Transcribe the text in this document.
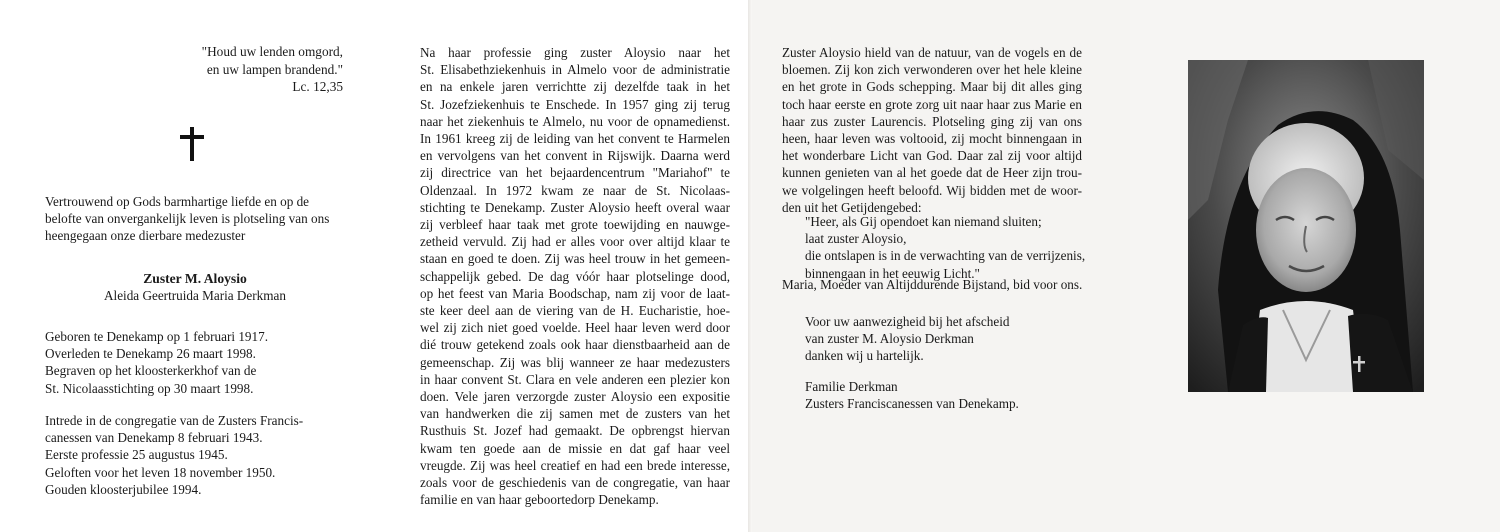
"Houd uw lenden omgord,
en uw lampen brandend."
Lc. 12,35
Vertrouwend op Gods barmhartige liefde en op de
belofte van onvergankelijk leven is plotseling van ons
heengegaan onze dierbare medezuster
Zuster M. Aloysio
Aleida Geertruida Maria Derkman
Geboren te Denekamp op 1 februari 1917.
Overleden te Denekamp 26 maart 1998.
Begraven op het kloosterkerkhof van de
St. Nicolaasstichting op 30 maart 1998.
Intrede in de congregatie van de Zusters Francis-
canessen van Denekamp 8 februari 1943.
Eerste professie 25 augustus 1945.
Geloften voor het leven 18 november 1950.
Gouden kloosterjubilee 1994.
Na haar professie ging zuster Aloysio naar het
St. Elisabethziekenhuis in Almelo voor de administratie
en na enkele jaren verrichtte zij dezelfde taak in het
St. Jozefziekenhuis te Enschede. In 1957 ging zij terug
naar het ziekenhuis te Almelo, nu voor de opnamedienst.
In 1961 kreeg zij de leiding van het convent te Harmelen
en vervolgens van het convent in Rijswijk. Daarna werd
zij directrice van het bejaardencentrum "Mariahof" te
Oldenzaal. In 1972 kwam ze naar de St. Nicolaas-
stichting te Denekamp. Zuster Aloysio heeft overal waar
zij verbleef haar taak met grote toewijding en nauwge-
zetheid vervuld. Zij had er alles voor over altijd klaar te
staan en goed te doen. Zij was heel trouw in het gemeen-
schappelijk gebed. De dag vóór haar plotselinge dood,
op het feest van Maria Boodschap, nam zij voor de laat-
ste keer deel aan de viering van de H. Eucharistie, hoe-
wel zij zich niet goed voelde. Heel haar leven werd door
dié trouw getekend zoals ook haar dienstbaarheid aan de
gemeenschap. Zij was blij wanneer ze haar medezusters
in haar convent St. Clara en vele anderen een plezier kon
doen. Vele jaren verzorgde zuster Aloysio een expositie
van handwerken die zij samen met de zusters van het
Rusthuis St. Jozef had gemaakt. De opbrengst hiervan
kwam ten goede aan de missie en dat gaf haar veel
vreugde. Zij was heel creatief en had een brede interesse,
zoals voor de geschiedenis van de congregatie, van haar
familie en van haar geboortedorp Denekamp.
Zuster Aloysio hield van de natuur, van de vogels en de
bloemen. Zij kon zich verwonderen over het hele kleine
en het grote in Gods schepping. Maar bij dit alles ging
toch haar eerste en grote zorg uit naar haar zus Marie en
haar zus zuster Laurencis. Plotseling ging zij van ons
heen, haar leven was voltooid, zij mocht binnengaan in
het wonderbare Licht van God. Daar zal zij voor altijd
kunnen genieten van al het goede dat de Heer zijn trou-
we volgelingen heeft beloofd. Wij bidden met de woor-
den uit het Getijdengebed:
"Heer, als Gij opendoet kan niemand sluiten;
laat zuster Aloysio,
die ontslapen is in de verwachting van de verrijzenis,
binnengaan in het eeuwig Licht."
Maria, Moeder van Altijddurende Bijstand, bid voor ons.
Voor uw aanwezigheid bij het afscheid
van zuster M. Aloysio Derkman
danken wij u hartelijk.
Familie Derkman
Zusters Franciscanessen van Denekamp.
